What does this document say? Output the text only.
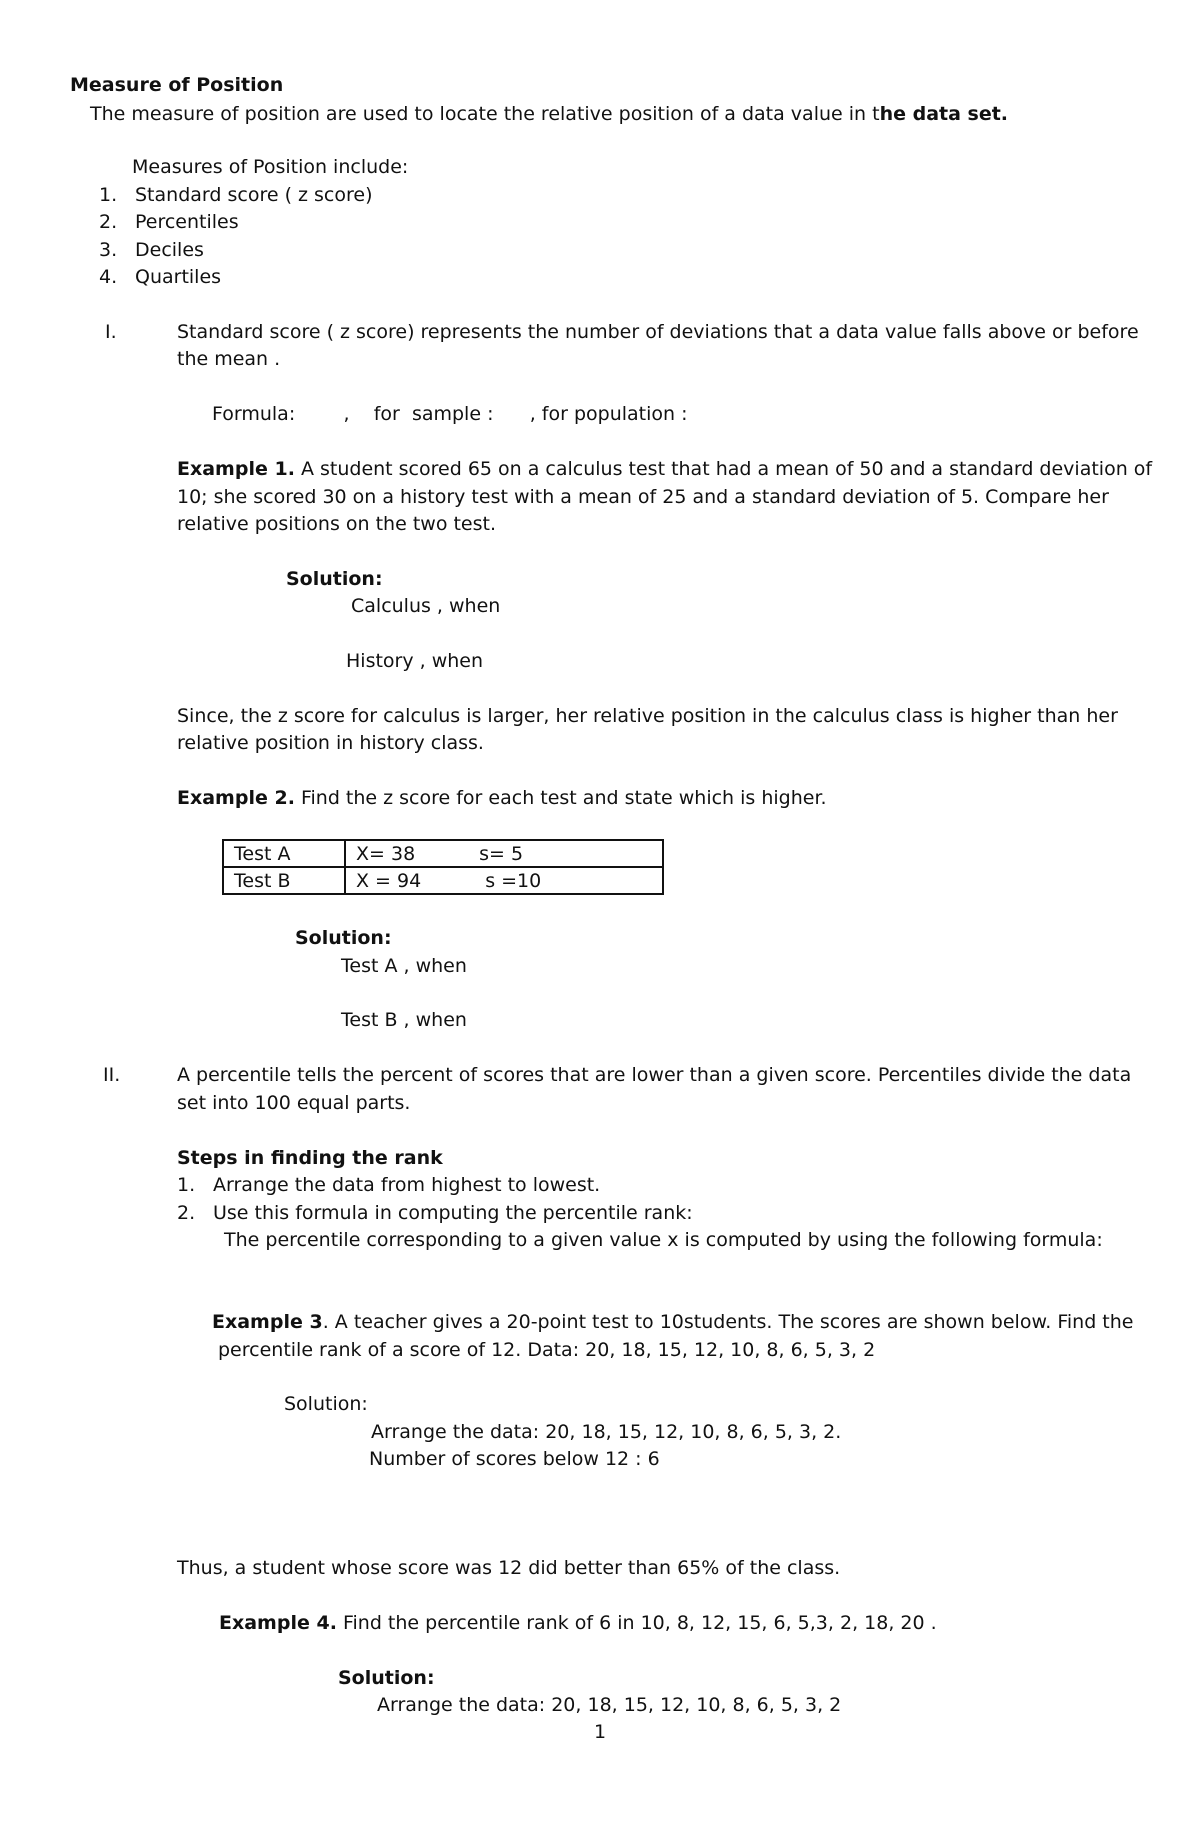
Measure of Position
The measure of position are used to locate the relative position of a data value in the data set.
Measures of Position include:
1. Standard score ( z score)
2. Percentiles
3. Deciles
4. Quartiles
I.	Standard score ( z score) represents the number of deviations that a data value falls above or before
the mean .
Formula:        ,    for  sample :      , for population :
Example 1. A student scored 65 on a calculus test that had a mean of 50 and a standard deviation of
10; she scored 30 on a history test with a mean of 25 and a standard deviation of 5. Compare her
relative positions on the two test.
Solution:
Calculus , when
History , when
Since, the z score for calculus is larger, her relative position in the calculus class is higher than her
relative position in history class.
Example 2. Find the z score for each test and state which is higher.
Test A	X= 38 s= 5
Test B	X = 94 s =10
Solution:
Test A , when
Test B , when
II.	A percentile tells the percent of scores that are lower than a given score. Percentiles divide the data
set into 100 equal parts.
Steps in finding the rank
1. Arrange the data from highest to lowest.
2. Use this formula in computing the percentile rank:
The percentile corresponding to a given value x is computed by using the following formula:
Example 3. A teacher gives a 20-point test to 10students. The scores are shown below. Find the
percentile rank of a score of 12. Data: 20, 18, 15, 12, 10, 8, 6, 5, 3, 2
Solution:
Arrange the data: 20, 18, 15, 12, 10, 8, 6, 5, 3, 2.
Number of scores below 12 : 6
Thus, a student whose score was 12 did better than 65% of the class.
Example 4. Find the percentile rank of 6 in 10, 8, 12, 15, 6, 5,3, 2, 18, 20 .
Solution:
Arrange the data: 20, 18, 15, 12, 10, 8, 6, 5, 3, 2
1
